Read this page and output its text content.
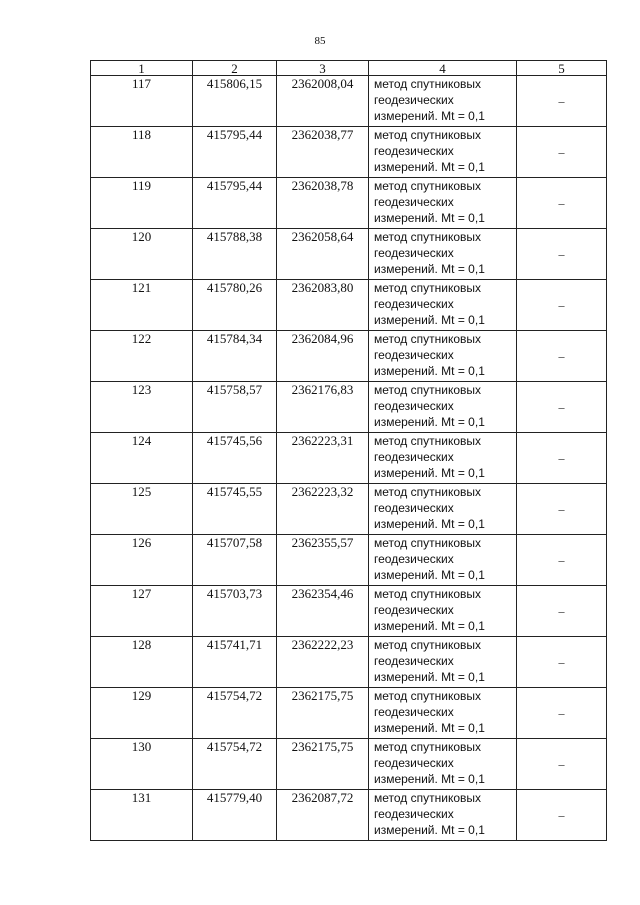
85
1	2	3	4	5
117	415806,15	2362008,04	метод спутниковых
геодезических
измерений. Mt = 0,1	–
118	415795,44	2362038,77	метод спутниковых
геодезических
измерений. Mt = 0,1	–
119	415795,44	2362038,78	метод спутниковых
геодезических
измерений. Mt = 0,1	–
120	415788,38	2362058,64	метод спутниковых
геодезических
измерений. Mt = 0,1	–
121	415780,26	2362083,80	метод спутниковых
геодезических
измерений. Mt = 0,1	–
122	415784,34	2362084,96	метод спутниковых
геодезических
измерений. Mt = 0,1	–
123	415758,57	2362176,83	метод спутниковых
геодезических
измерений. Mt = 0,1	–
124	415745,56	2362223,31	метод спутниковых
геодезических
измерений. Mt = 0,1	–
125	415745,55	2362223,32	метод спутниковых
геодезических
измерений. Mt = 0,1	–
126	415707,58	2362355,57	метод спутниковых
геодезических
измерений. Mt = 0,1	–
127	415703,73	2362354,46	метод спутниковых
геодезических
измерений. Mt = 0,1	–
128	415741,71	2362222,23	метод спутниковых
геодезических
измерений. Mt = 0,1	–
129	415754,72	2362175,75	метод спутниковых
геодезических
измерений. Mt = 0,1	–
130	415754,72	2362175,75	метод спутниковых
геодезических
измерений. Mt = 0,1	–
131	415779,40	2362087,72	метод спутниковых
геодезических
измерений. Mt = 0,1	–
